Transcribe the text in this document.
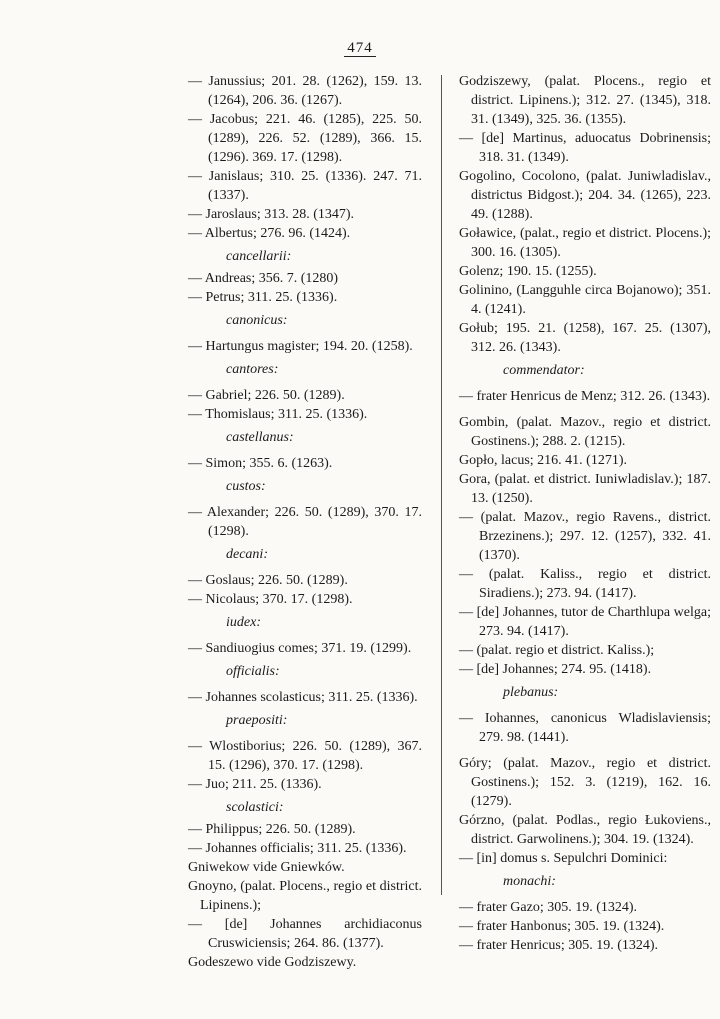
474

— Janussius; 201. 28. (1262), 159. 13. (1264), 206. 36. (1267).

— Jacobus; 221. 46. (1285), 225. 50. (1289), 226. 52. (1289), 366. 15. (1296). 369. 17. (1298).

— Janislaus; 310. 25. (1336). 247. 71. (1337).

— Jaroslaus; 313. 28. (1347).

— Albertus; 276. 96. (1424).

cancellarii:

— Andreas; 356. 7. (1280)

— Petrus; 311. 25. (1336).

canonicus:

— Hartungus magister; 194. 20. (1258).

cantores:

— Gabriel; 226. 50. (1289).

— Thomislaus; 311. 25. (1336).

castellanus:

— Simon; 355. 6. (1263).

custos:

— Alexander; 226. 50. (1289), 370. 17. (1298).

decani:

— Goslaus; 226. 50. (1289).

— Nicolaus; 370. 17. (1298).

iudex:

— Sandiuogius comes; 371. 19. (1299).

officialis:

— Johannes scolasticus; 311. 25. (1336).

praepositi:

— Wlostiborius; 226. 50. (1289), 367. 15. (1296), 370. 17. (1298).

— Juo; 211. 25. (1336).

scolastici:

— Philippus; 226. 50. (1289).

— Johannes officialis; 311. 25. (1336).

Gniwekow vide Gniewków.

Gnoyno, (palat. Plocens., regio et district. Lipinens.);

— [de] Johannes archidiaconus Cruswiciensis; 264. 86. (1377).

Godeszewo vide Godziszewy.

Godziszewy, (palat. Plocens., regio et district. Lipinens.); 312. 27. (1345), 318. 31. (1349), 325. 36. (1355).

— [de] Martinus, aduocatus Dobrinensis; 318. 31. (1349).

Gogolino, Cocolono, (palat. Juniwladislav., districtus Bidgost.); 204. 34. (1265), 223. 49. (1288).

Goławice, (palat., regio et district. Plocens.); 300. 16. (1305).

Golenz; 190. 15. (1255).

Golinino, (Langguhle circa Bojanowo); 351. 4. (1241).

Gołub; 195. 21. (1258), 167. 25. (1307), 312. 26. (1343).

commendator:

— frater Henricus de Menz; 312. 26. (1343).

Gombin, (palat. Mazov., regio et district. Gostinens.); 288. 2. (1215).

Gopło, lacus; 216. 41. (1271).

Gora, (palat. et district. Iuniwladislav.); 187. 13. (1250).

— (palat. Mazov., regio Ravens., district. Brzezinens.); 297. 12. (1257), 332. 41. (1370).

— (palat. Kaliss., regio et district. Siradiens.); 273. 94. (1417).

— [de] Johannes, tutor de Charthlupa welga; 273. 94. (1417).

— (palat. regio et district. Kaliss.);

— [de] Johannes; 274. 95. (1418).

plebanus:

— Iohannes, canonicus Wladislaviensis; 279. 98. (1441).

Góry; (palat. Mazov., regio et district. Gostinens.); 152. 3. (1219), 162. 16. (1279).

Górzno, (palat. Podlas., regio Łukoviens., district. Garwolinens.); 304. 19. (1324).

— [in] domus s. Sepulchri Dominici:

monachi:

— frater Gazo; 305. 19. (1324).

— frater Hanbonus; 305. 19. (1324).

— frater Henricus; 305. 19. (1324).
